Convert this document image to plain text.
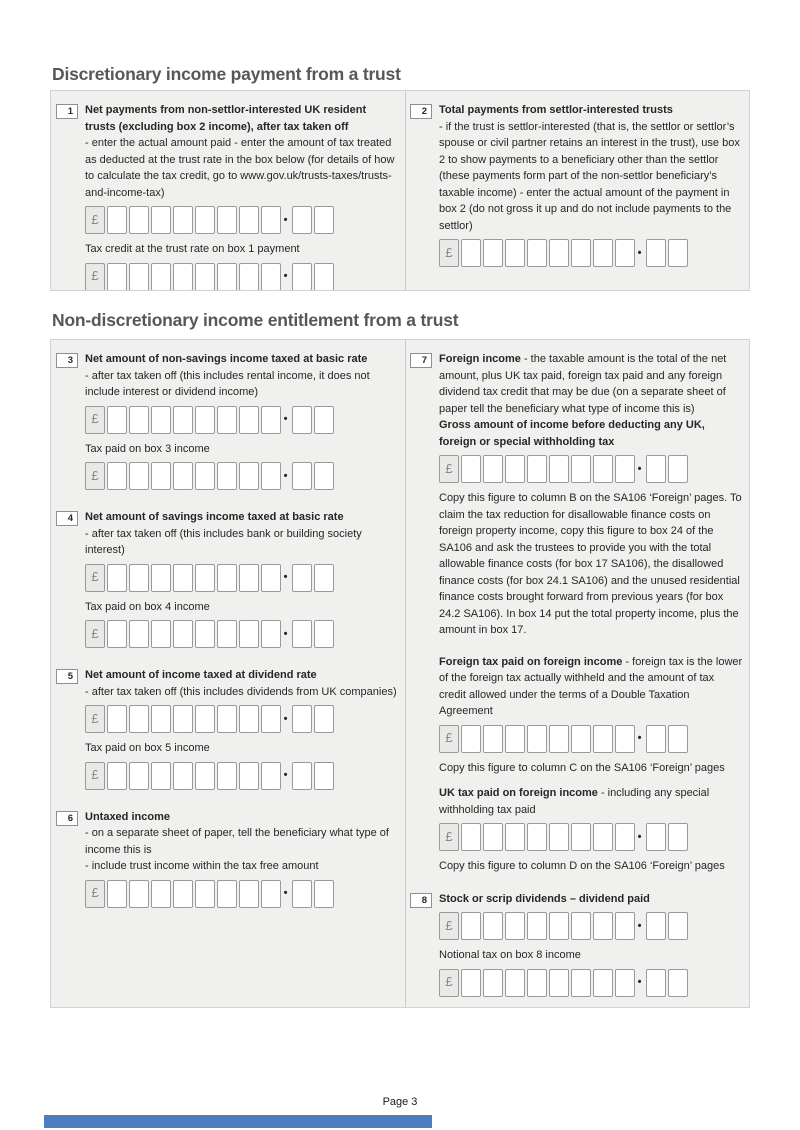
Discretionary income payment from a trust
1	Net payments from non-settlor-interested UK resident trusts (excluding box 2 income), after tax taken off
- enter the actual amount paid - enter the amount of tax treated as deducted at the trust rate in the box below (for details of how to calculate the tax credit, go to www.gov.uk/trusts-taxes/trusts-and-income-tax)
£	•
Tax credit at the trust rate on box 1 payment
£	•
2	Total payments from settlor-interested trusts
- if the trust is settlor-interested (that is, the settlor or settlor’s spouse or civil partner retains an interest in the trust), use box 2 to show payments to a beneficiary other than the settlor (these payments form part of the non-settlor beneficiary’s taxable income) - enter the actual amount of the payment in box 2 (do not gross it up and do not include payments to the settlor)
£	•
Non-discretionary income entitlement from a trust
3	Net amount of non-savings income taxed at basic rate
- after tax taken off (this includes rental income, it does not include interest or dividend income)
£	•
Tax paid on box 3 income
£	•
4	Net amount of savings income taxed at basic rate
- after tax taken off (this includes bank or building society interest)
£	•
Tax paid on box 4 income
£	•
5	Net amount of income taxed at dividend rate
- after tax taken off (this includes dividends from UK companies)
£	•
Tax paid on box 5 income
£	•
6	Untaxed income
- on a separate sheet of paper, tell the beneficiary what type of income this is
- include trust income within the tax free amount
£	•
7	Foreign income - the taxable amount is the total of the net amount, plus UK tax paid, foreign tax paid and any foreign dividend tax credit that may be due (on a separate sheet of paper tell the beneficiary what type of income this is)
Gross amount of income before deducting any UK, foreign or special withholding tax
£	•
Copy this figure to column B on the SA106 ‘Foreign’ pages. To claim the tax reduction for disallowable finance costs on foreign property income, copy this figure to box 24 of the SA106 and ask the trustees to provide you with the total allowable finance costs (for box 17 SA106), the disallowed finance costs (for box 24.1 SA106) and the unused residential finance costs brought forward from previous years (for box 24.2 SA106). In box 14 put the total property income, plus the amount in box 17.
Foreign tax paid on foreign income - foreign tax is the lower of the foreign tax actually withheld and the amount of tax credit allowed under the terms of a Double Taxation Agreement
£	•
Copy this figure to column C on the SA106 ‘Foreign’ pages
UK tax paid on foreign income - including any special withholding tax paid
£	•
Copy this figure to column D on the SA106 ‘Foreign’ pages
8	Stock or scrip dividends – dividend paid
£	•
Notional tax on box 8 income
£	•
Page 3
